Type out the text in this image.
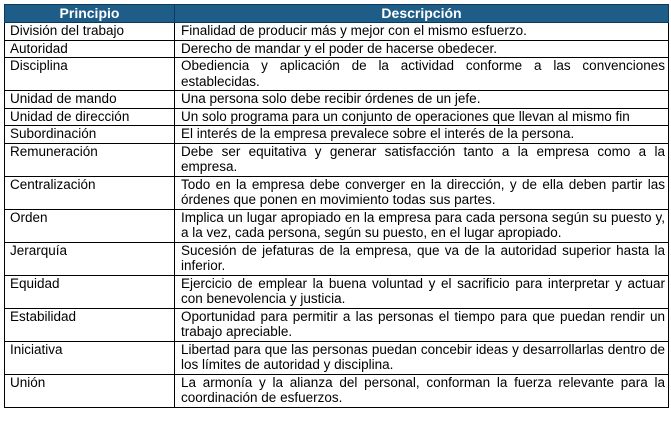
Principio	Descripción
División del trabajo	Finalidad de producir más y mejor con el mismo esfuerzo.
Autoridad	Derecho de mandar y el poder de hacerse obedecer.
Disciplina	Obediencia y aplicación de la actividad conforme a las convenciones establecidas.
Unidad de mando	Una persona solo debe recibir órdenes de un jefe.
Unidad de dirección	Un solo programa para un conjunto de operaciones que llevan al mismo fin
Subordinación	El interés de la empresa prevalece sobre el interés de la persona.
Remuneración	Debe ser equitativa y generar satisfacción tanto a la empresa como a la empresa.
Centralización	Todo en la empresa debe converger en la dirección, y de ella deben partir las órdenes que ponen en movimiento todas sus partes.
Orden	Implica un lugar apropiado en la empresa para cada persona según su puesto y, a la vez, cada persona, según su puesto, en el lugar apropiado.
Jerarquía	Sucesión de jefaturas de la empresa, que va de la autoridad superior hasta la inferior.
Equidad	Ejercicio de emplear la buena voluntad y el sacrificio para interpretar y actuar con benevolencia y justicia.
Estabilidad	Oportunidad para permitir a las personas el tiempo para que puedan rendir un trabajo apreciable.
Iniciativa	Libertad para que las personas puedan concebir ideas y desarrollarlas dentro de los límites de autoridad y disciplina.
Unión	La armonía y la alianza del personal, conforman la fuerza relevante para la coordinación de esfuerzos.
